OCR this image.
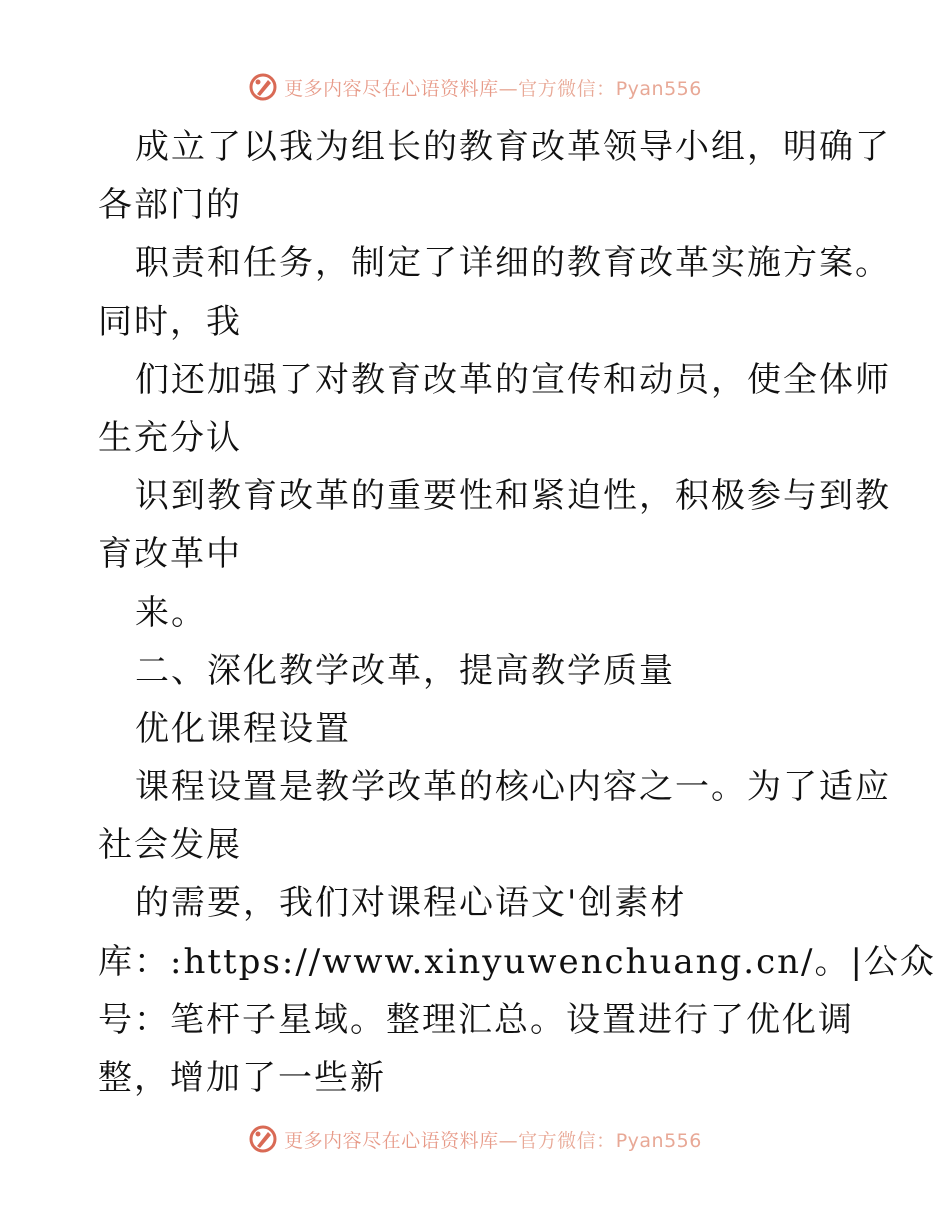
更多内容尽在心语资料库—官方微信：Pyan556
成立了以我为组长的教育改革领导小组，明确了
各部门的
职责和任务，制定了详细的教育改革实施方案。
同时，我
们还加强了对教育改革的宣传和动员，使全体师
生充分认
识到教育改革的重要性和紧迫性，积极参与到教
育改革中
来。
二、深化教学改革，提高教学质量
优化课程设置
课程设置是教学改革的核心内容之一。为了适应
社会发展
的需要，我们对课程心语文'创素材
库：:https://www.xinyuwenchuang.cn/。|公众
号：笔杆子星域。整理汇总。设置进行了优化调
整，增加了一些新
更多内容尽在心语资料库—官方微信：Pyan556
